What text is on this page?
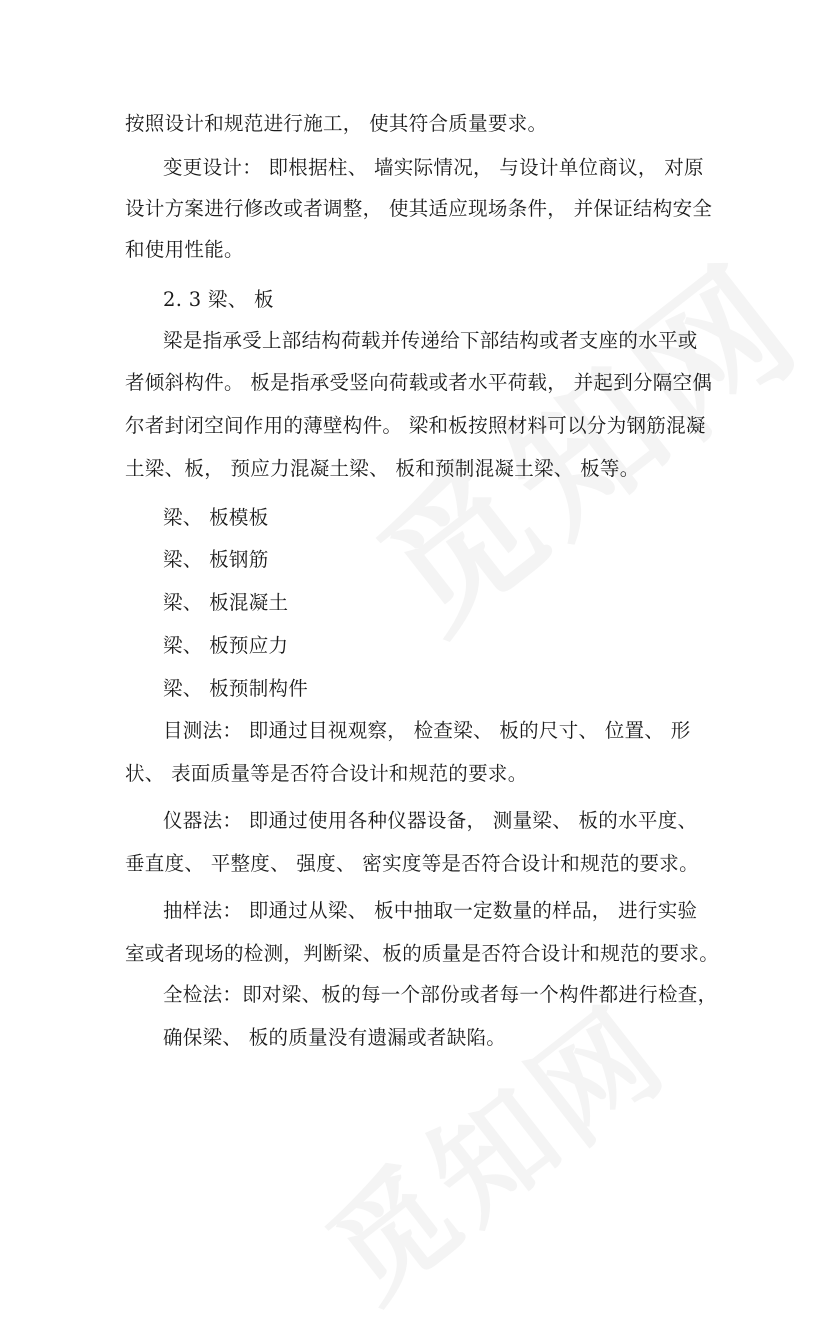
按照设计和规范进行施工， 使其符合质量要求。
变更设计： 即根据柱、 墙实际情况， 与设计单位商议， 对原
设计方案进行修改或者调整， 使其适应现场条件， 并保证结构安全
和使用性能。
2. 3 梁、 板
梁是指承受上部结构荷载并传递给下部结构或者支座的水平或
者倾斜构件。 板是指承受竖向荷载或者水平荷载， 并起到分隔空偶
尔者封闭空间作用的薄壁构件。 梁和板按照材料可以分为钢筋混凝
土梁、板， 预应力混凝土梁、 板和预制混凝土梁、 板等。
梁、 板模板
梁、 板钢筋
梁、 板混凝土
梁、 板预应力
梁、 板预制构件
目测法： 即通过目视观察， 检查梁、 板的尺寸、 位置、 形
状、 表面质量等是否符合设计和规范的要求。
仪器法： 即通过使用各种仪器设备， 测量梁、 板的水平度、
垂直度、 平整度、 强度、 密实度等是否符合设计和规范的要求。
抽样法： 即通过从梁、 板中抽取一定数量的样品， 进行实验
室或者现场的检测，判断梁、板的质量是否符合设计和规范的要求。
全检法：即对梁、板的每一个部份或者每一个构件都进行检查，
确保梁、 板的质量没有遗漏或者缺陷。
